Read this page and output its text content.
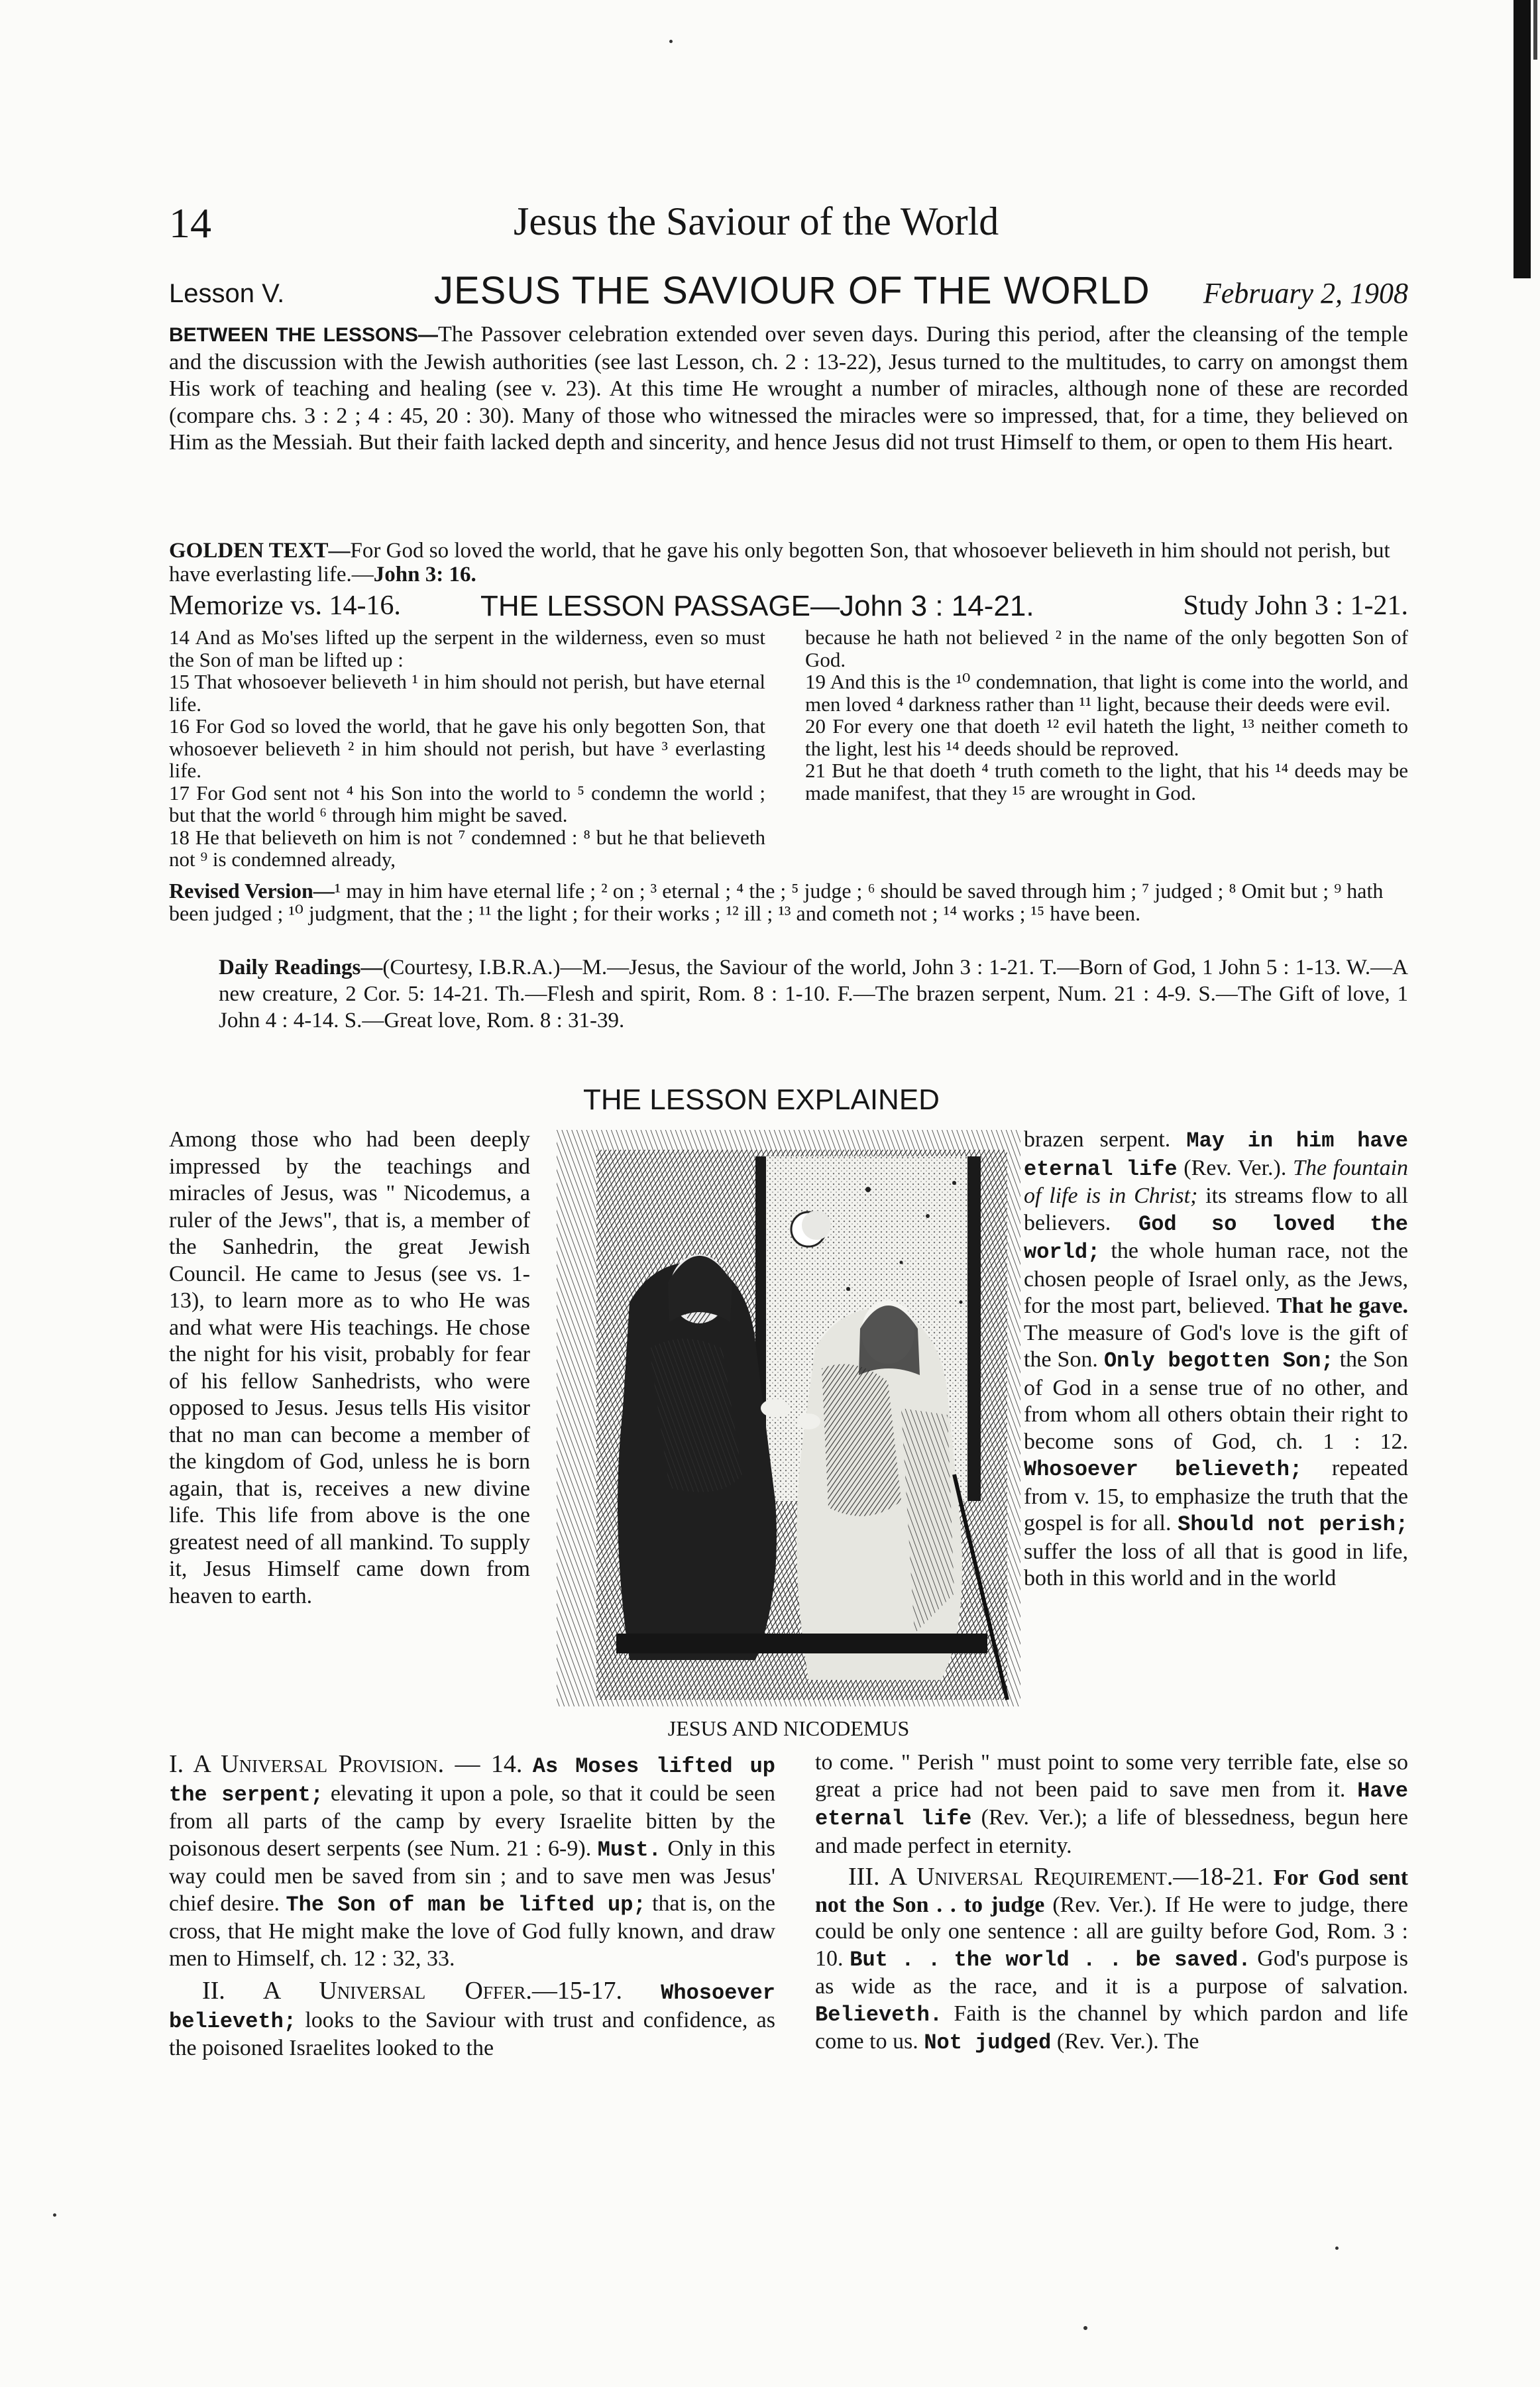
14	Jesus the Saviour of the World
Lesson V.	JESUS THE SAVIOUR OF THE WORLD February 2, 1908
BETWEEN THE LESSONS—The Passover celebration extended over seven days. During this period, after the cleansing of the temple and the discussion with the Jewish authorities (see last Lesson, ch. 2 : 13-22), Jesus turned to the multitudes, to carry on amongst them His work of teaching and healing (see v. 23). At this time He wrought a number of miracles, although none of these are recorded (compare chs. 3 : 2 ; 4 : 45, 20 : 30). Many of those who witnessed the miracles were so impressed, that, for a time, they believed on Him as the Messiah. But their faith lacked depth and sincerity, and hence Jesus did not trust Himself to them, or open to them His heart.
GOLDEN TEXT—For God so loved the world, that he gave his only begotten Son, that whosoever believeth in him should not perish, but have everlasting life.—John 3: 16.
Memorize vs. 14-16.	THE LESSON PASSAGE—John 3 : 14-21.	Study John 3 : 1-21.
14 And as Mo'ses lifted up the serpent in the wilderness, even so must the Son of man be lifted up :
15 That whosoever believeth ¹ in him should not perish, but have eternal life.
16 For God so loved the world, that he gave his only begotten Son, that whosoever believeth ² in him should not perish, but have ³ everlasting life.
17 For God sent not ⁴ his Son into the world to ⁵ condemn the world ; but that the world ⁶ through him might be saved.
18 He that believeth on him is not ⁷ condemned : ⁸ but he that believeth not ⁹ is condemned already,
because he hath not believed ² in the name of the only begotten Son of God.
19 And this is the ¹⁰ condemnation, that light is come into the world, and men loved ⁴ darkness rather than ¹¹ light, because their deeds were evil.
20 For every one that doeth ¹² evil hateth the light, ¹³ neither cometh to the light, lest his ¹⁴ deeds should be reproved.
21 But he that doeth ⁴ truth cometh to the light, that his ¹⁴ deeds may be made manifest, that they ¹⁵ are wrought in God.
Revised Version—¹ may in him have eternal life ; ² on ; ³ eternal ; ⁴ the ; ⁵ judge ; ⁶ should be saved through him ; ⁷ judged ; ⁸ Omit but ; ⁹ hath been judged ; ¹⁰ judgment, that the ; ¹¹ the light ; for their works ; ¹² ill ; ¹³ and cometh not ; ¹⁴ works ; ¹⁵ have been.
Daily Readings—(Courtesy, I.B.R.A.)—M.—Jesus, the Saviour of the world, John 3 : 1-21. T.—Born of God, 1 John 5 : 1-13. W.—A new creature, 2 Cor. 5: 14-21. Th.—Flesh and spirit, Rom. 8 : 1-10. F.—The brazen serpent, Num. 21 : 4-9. S.—The Gift of love, 1 John 4 : 4-14. S.—Great love, Rom. 8 : 31-39.
THE LESSON EXPLAINED
Among those who had been deeply impressed by the teachings and miracles of Jesus, was " Nicodemus, a ruler of the Jews", that is, a member of the Sanhedrin, the great Jewish Council. He came to Jesus (see vs. 1-13), to learn more as to who He was and what were His teachings. He chose the night for his visit, probably for fear of his fellow Sanhedrists, who were opposed to Jesus. Jesus tells His visitor that no man can become a member of the kingdom of God, unless he is born again, that is, receives a new divine life. This life from above is the one greatest need of all mankind. To supply it, Jesus Himself came down from heaven to earth.
JESUS AND NICODEMUS
brazen serpent. May in him have eternal life (Rev. Ver.). The fountain of life is in Christ; its streams flow to all believers. God so loved the world; the whole human race, not the chosen people of Israel only, as the Jews, for the most part, believed. That he gave. The measure of God's love is the gift of the Son. Only begotten Son; the Son of God in a sense true of no other, and from whom all others obtain their right to become sons of God, ch. 1 : 12. Whosoever believeth; repeated from v. 15, to emphasize the truth that the gospel is for all. Should not perish; suffer the loss of all that is good in life, both in this world and in the world
I. A Universal Provision. — 14. As Moses lifted up the serpent; elevating it upon a pole, so that it could be seen from all parts of the camp by every Israelite bitten by the poisonous desert serpents (see Num. 21 : 6-9). Must. Only in this way could men be saved from sin ; and to save men was Jesus' chief desire. The Son of man be lifted up; that is, on the cross, that He might make the love of God fully known, and draw men to Himself, ch. 12 : 32, 33.
II. A Universal Offer.—15-17. Whosoever believeth; looks to the Saviour with trust and confidence, as the poisoned Israelites looked to the
to come. " Perish " must point to some very terrible fate, else so great a price had not been paid to save men from it. Have eternal life (Rev. Ver.); a life of blessedness, begun here and made perfect in eternity.
III. A Universal Requirement.—18-21. For God sent not the Son . . to judge (Rev. Ver.). If He were to judge, there could be only one sentence : all are guilty before God, Rom. 3 : 10. But . . the world . . be saved. God's purpose is as wide as the race, and it is a purpose of salvation. Believeth. Faith is the channel by which pardon and life come to us. Not judged (Rev. Ver.). The
